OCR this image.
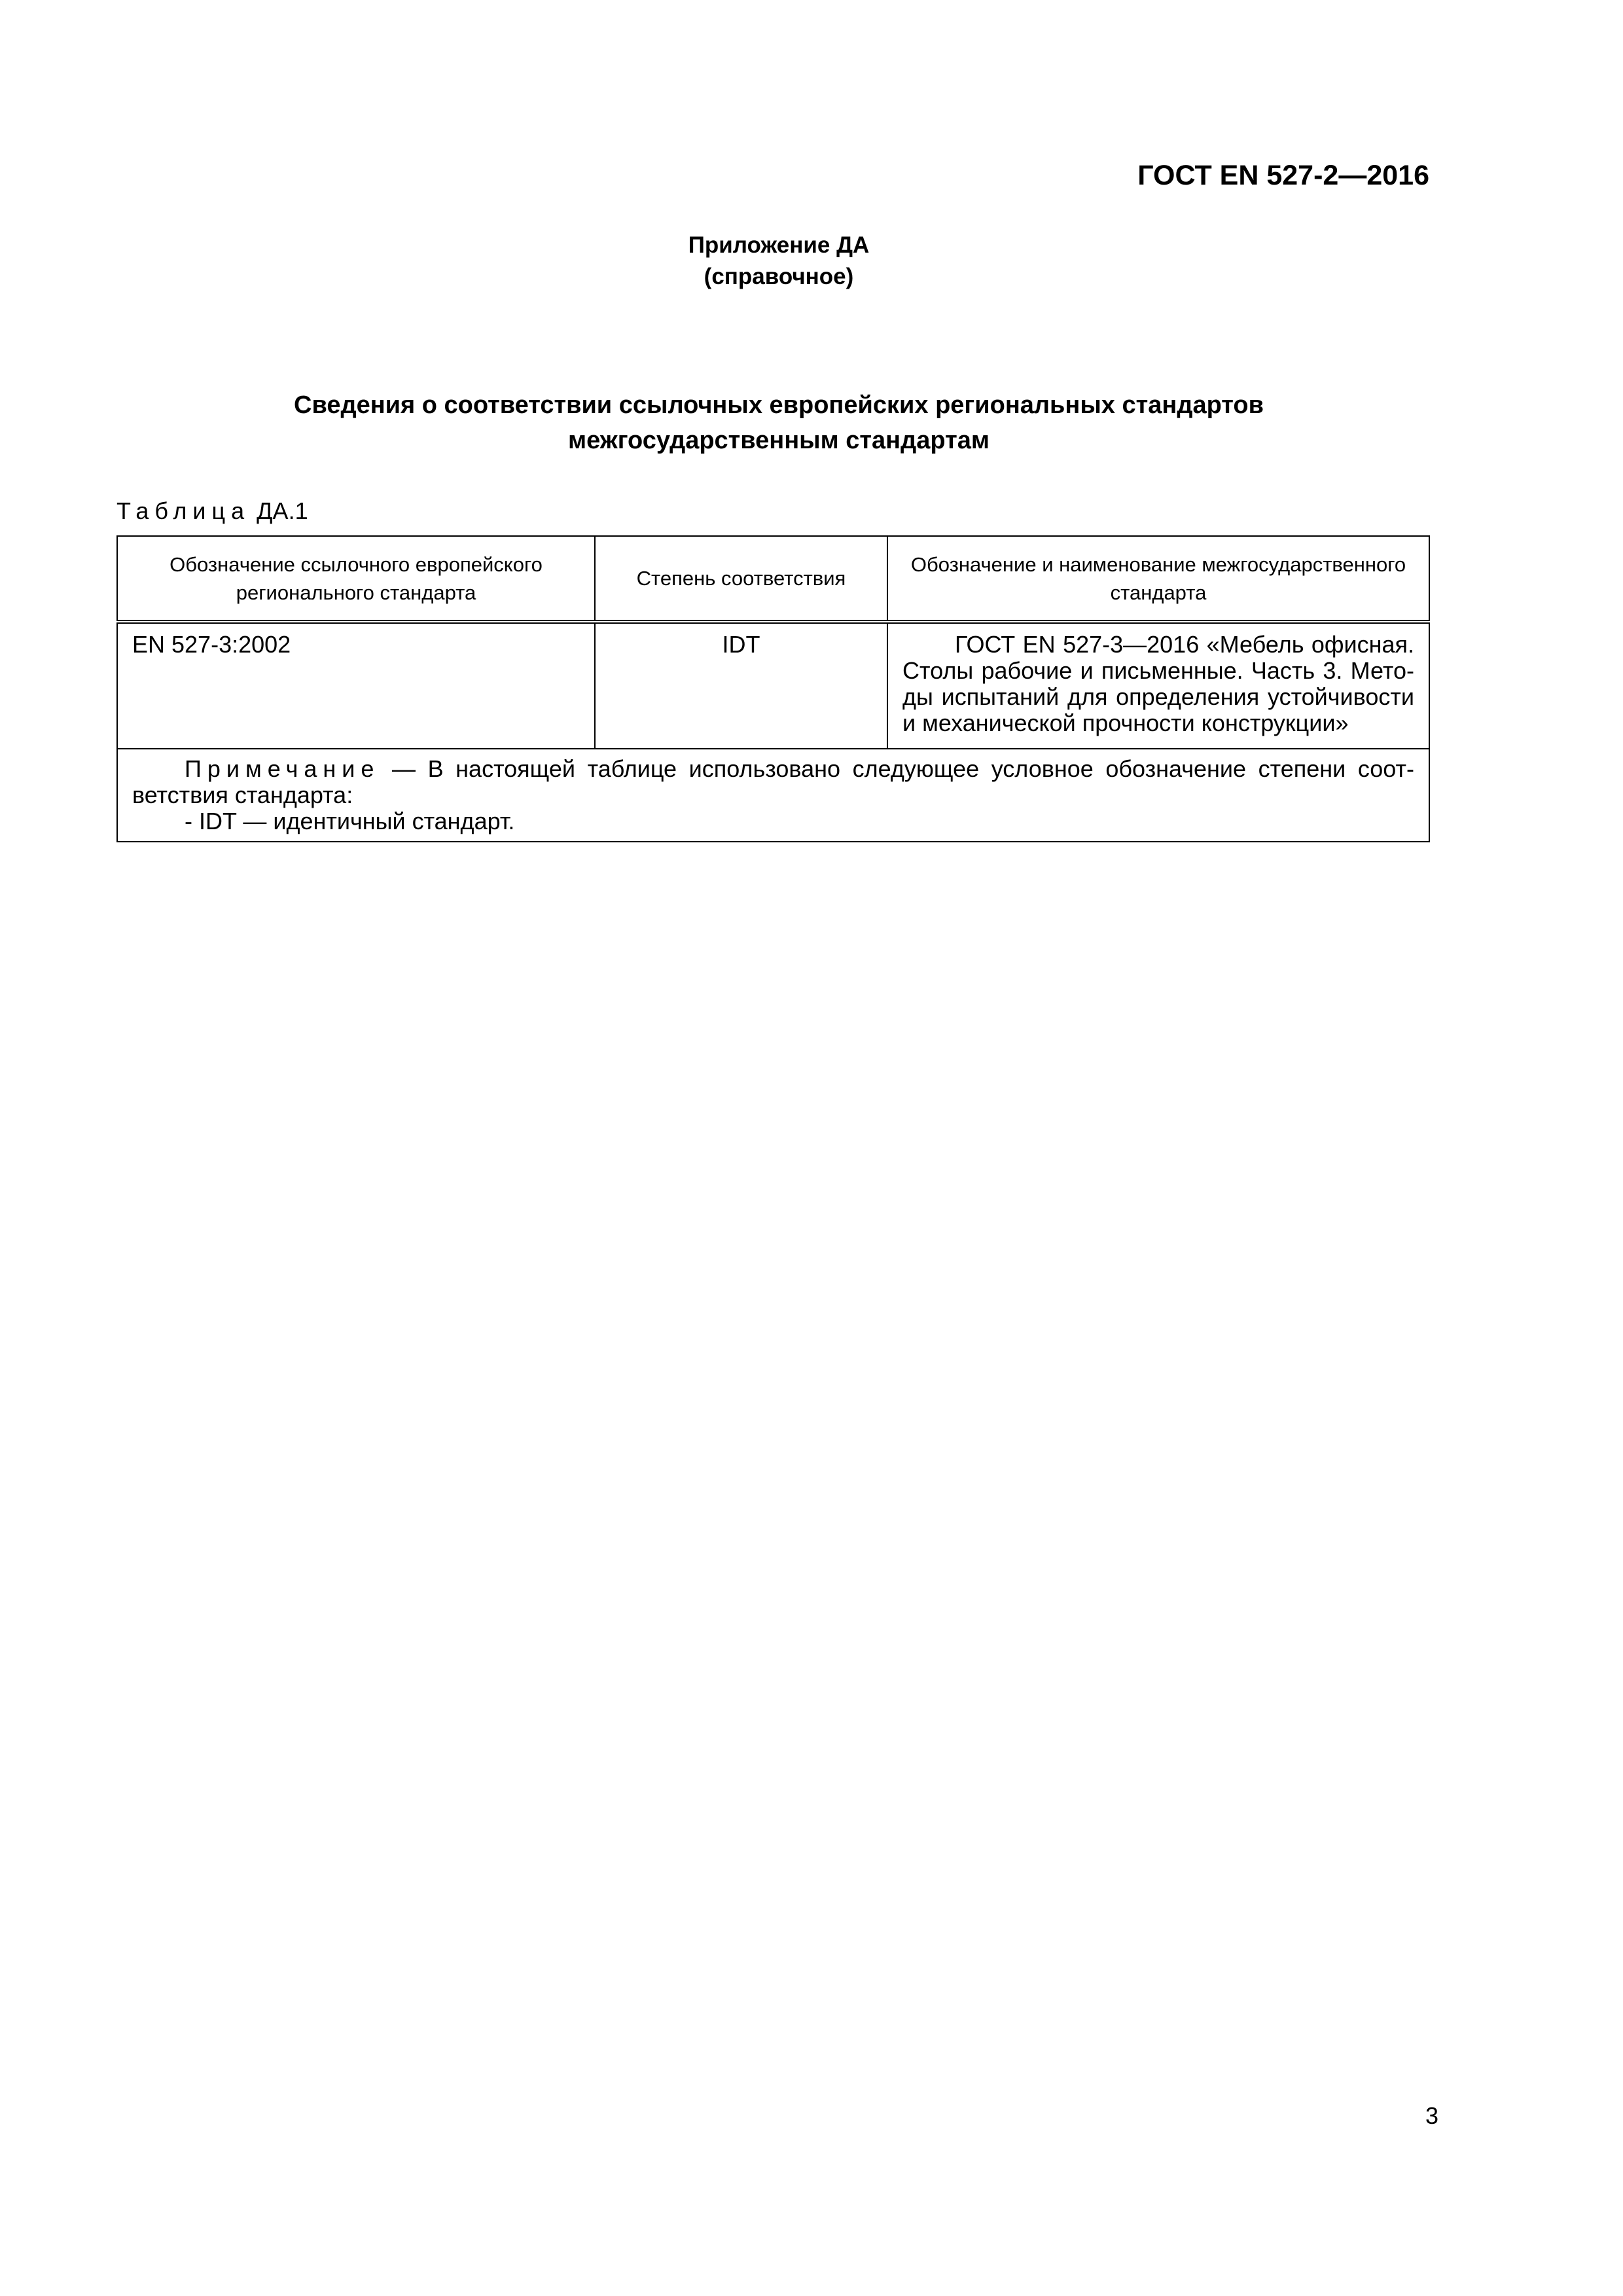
ГОСТ EN 527-2—2016
Приложение ДА
(справочное)
Сведения о соответствии ссылочных европейских региональных стандартов
межгосударственным стандартам
Таблица ДА.1
Обозначение ссылочного европейского регионального стандарта	Степень соответствия	Обозначение и наименование межгосударственного стандарта

EN 527-3:2002	IDT	ГОСТ EN 527-3—2016 «Мебель офисная. Столы рабочие и письменные. Часть 3. Методы испытаний для определения устойчивости и механической прочности конструкции»

Примечание — В настоящей таблице использовано следующее условное обозначение степени соответствия стандарта:
- IDT — идентичный стандарт.		
3
